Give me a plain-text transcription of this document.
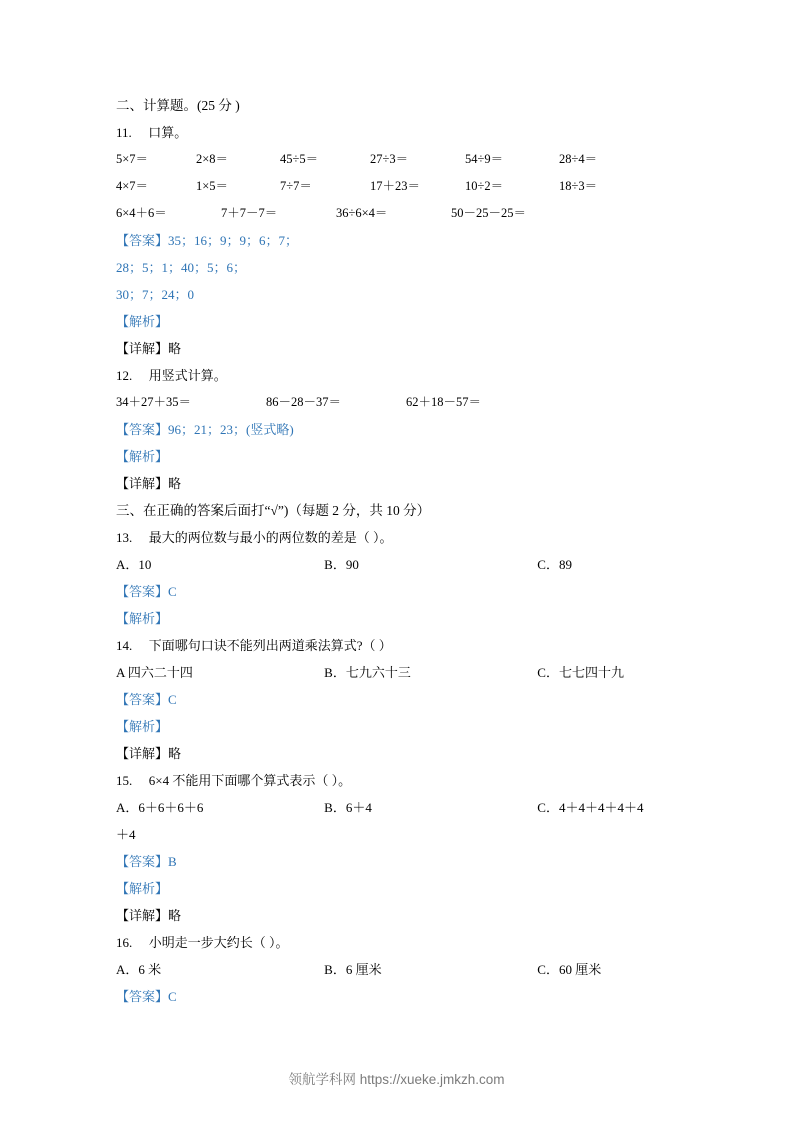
二、计算题。(25 分 )
11. 口算。
5×7＝	2×8＝	45÷5＝	27÷3＝	54÷9＝	28÷4＝
4×7＝	1×5＝	7÷7＝	17＋23＝	10÷2＝	18÷3＝
6×4＋6＝	7＋7－7＝	36÷6×4＝	50－25－25＝
【答案】35；16；9；9；6；7；
28；5；1；40；5；6；
30；7；24；0
【解析】
【详解】略
12. 用竖式计算。
34＋27＋35＝	86－28－37＝	62＋18－57＝
【答案】96；21；23；(竖式略)
【解析】
【详解】略
三、在正确的答案后面打“√”)（每题 2 分，共 10 分）
13. 最大的两位数与最小的两位数的差是（ ）。
A．10	B．90	C．89
【答案】C
【解析】
14. 下面哪句口诀不能列出两道乘法算式?（ ）
A 四六二十四	B．七九六十三	C．七七四十九
【答案】C
【解析】
【详解】略
15. 6×4 不能用下面哪个算式表示（ ）。
A．6＋6＋6＋6	B．6＋4	C．4＋4＋4＋4＋4
＋4
【答案】B
【解析】
【详解】略
16. 小明走一步大约长（ ）。
A．6 米	B．6 厘米	C．60 厘米
【答案】C
领航学科网 https://xueke.jmkzh.com
